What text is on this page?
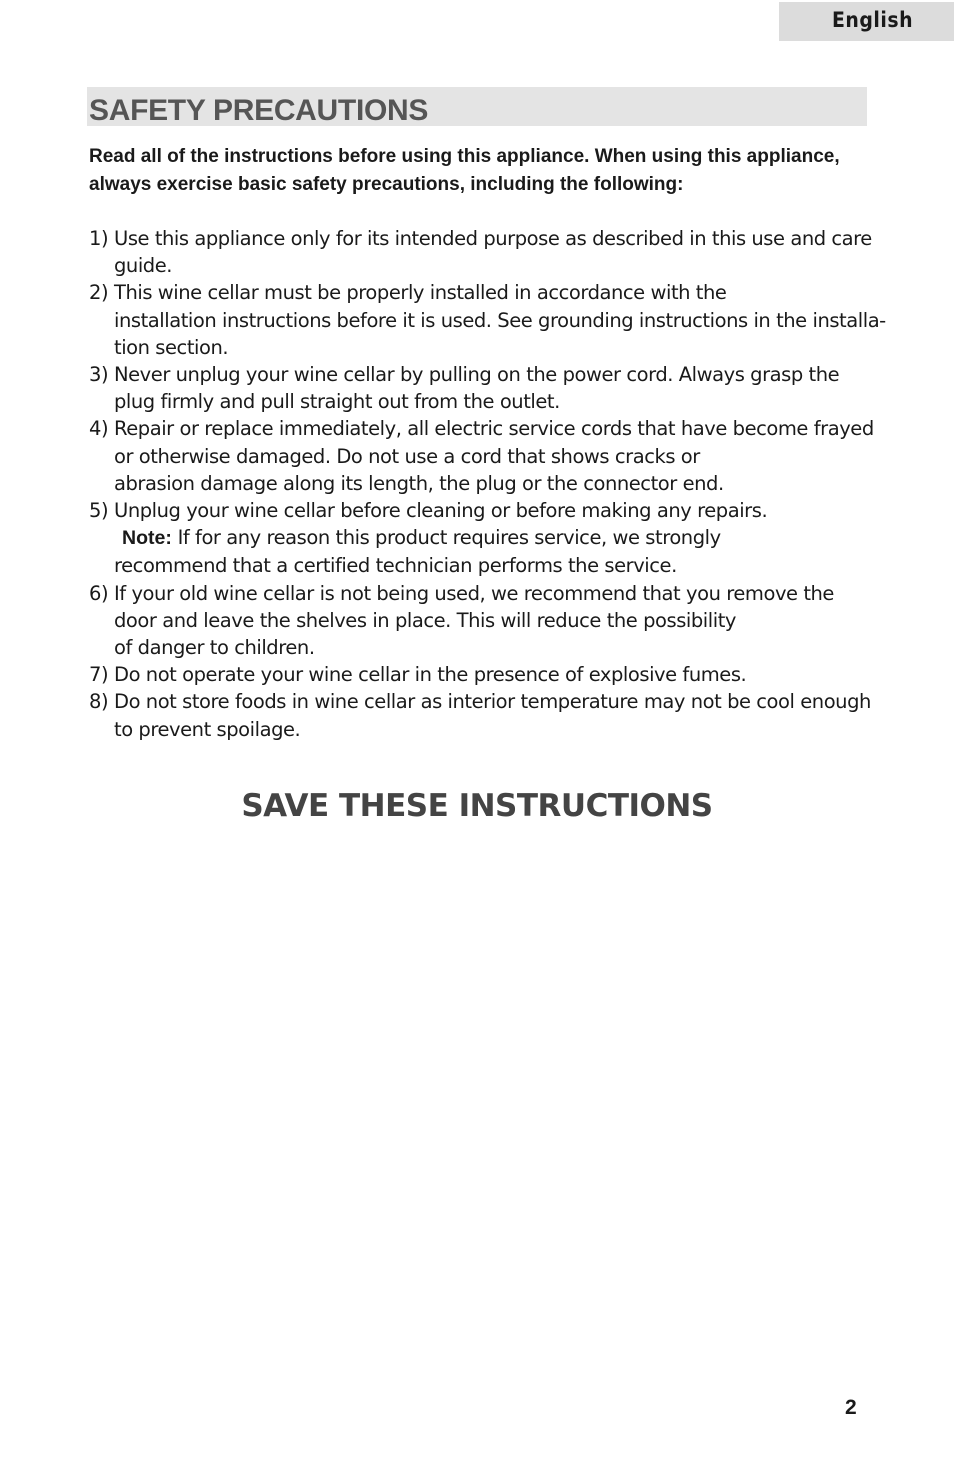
English
SAFETY PRECAUTIONS

Read all of the instructions before using this appliance. When using this appliance, always exercise basic safety precautions, including the following:

1) Use this appliance only for its intended purpose as described in this use and care
guide.
2) This wine cellar must be properly installed in accordance with the
installation instructions before it is used. See grounding instructions in the installa-
tion section.
3) Never unplug your wine cellar by pulling on the power cord. Always grasp the
plug firmly and pull straight out from the outlet.
4) Repair or replace immediately, all electric service cords that have become frayed
or otherwise damaged. Do not use a cord that shows cracks or
abrasion damage along its length, the plug or the connector end.
5) Unplug your wine cellar before cleaning or before making any repairs.
Note: If for any reason this product requires service, we strongly
recommend that a certified technician performs the service.
6) If your old wine cellar is not being used, we recommend that you remove the
door and leave the shelves in place. This will reduce the possibility
of danger to children.
7) Do not operate your wine cellar in the presence of explosive fumes.
8) Do not store foods in wine cellar as interior temperature may not be cool enough
to prevent spoilage.
SAVE THESE INSTRUCTIONS
2
